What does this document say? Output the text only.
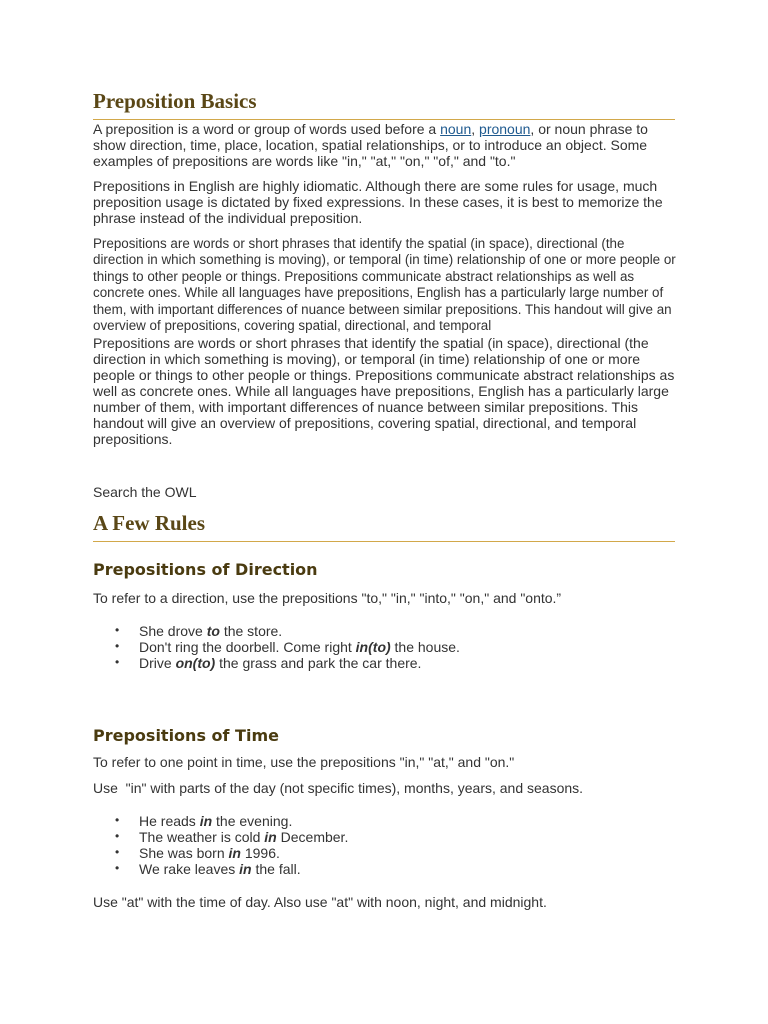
Preposition Basics

A preposition is a word or group of words used before a noun, pronoun, or noun phrase to show direction, time, place, location, spatial relationships, or to introduce an object. Some examples of prepositions are words like "in," "at," "on," "of," and "to."

Prepositions in English are highly idiomatic. Although there are some rules for usage, much preposition usage is dictated by fixed expressions. In these cases, it is best to memorize the phrase instead of the individual preposition.

Prepositions are words or short phrases that identify the spatial (in space), directional (the direction in which something is moving), or temporal (in time) relationship of one or more people or things to other people or things. Prepositions communicate abstract relationships as well as concrete ones. While all languages have prepositions, English has a particularly large number of them, with important differences of nuance between similar prepositions. This handout will give an overview of prepositions, covering spatial, directional, and temporal

Prepositions are words or short phrases that identify the spatial (in space), directional (the direction in which something is moving), or temporal (in time) relationship of one or more people or things to other people or things. Prepositions communicate abstract relationships as well as concrete ones. While all languages have prepositions, English has a particularly large number of them, with important differences of nuance between similar prepositions. This handout will give an overview of prepositions, covering spatial, directional, and temporal prepositions.

Search the OWL

A Few Rules
Prepositions of Direction

To refer to a direction, use the prepositions "to," "in," "into," "on," and "onto.”

• She drove to the store.
• Don't ring the doorbell. Come right in(to) the house.
• Drive on(to) the grass and park the car there.
Prepositions of Time

To refer to one point in time, use the prepositions "in," "at," and "on."

Use  "in" with parts of the day (not specific times), months, years, and seasons.

• He reads in the evening.
• The weather is cold in December.
• She was born in 1996.
• We rake leaves in the fall.

Use "at" with the time of day. Also use "at" with noon, night, and midnight.
